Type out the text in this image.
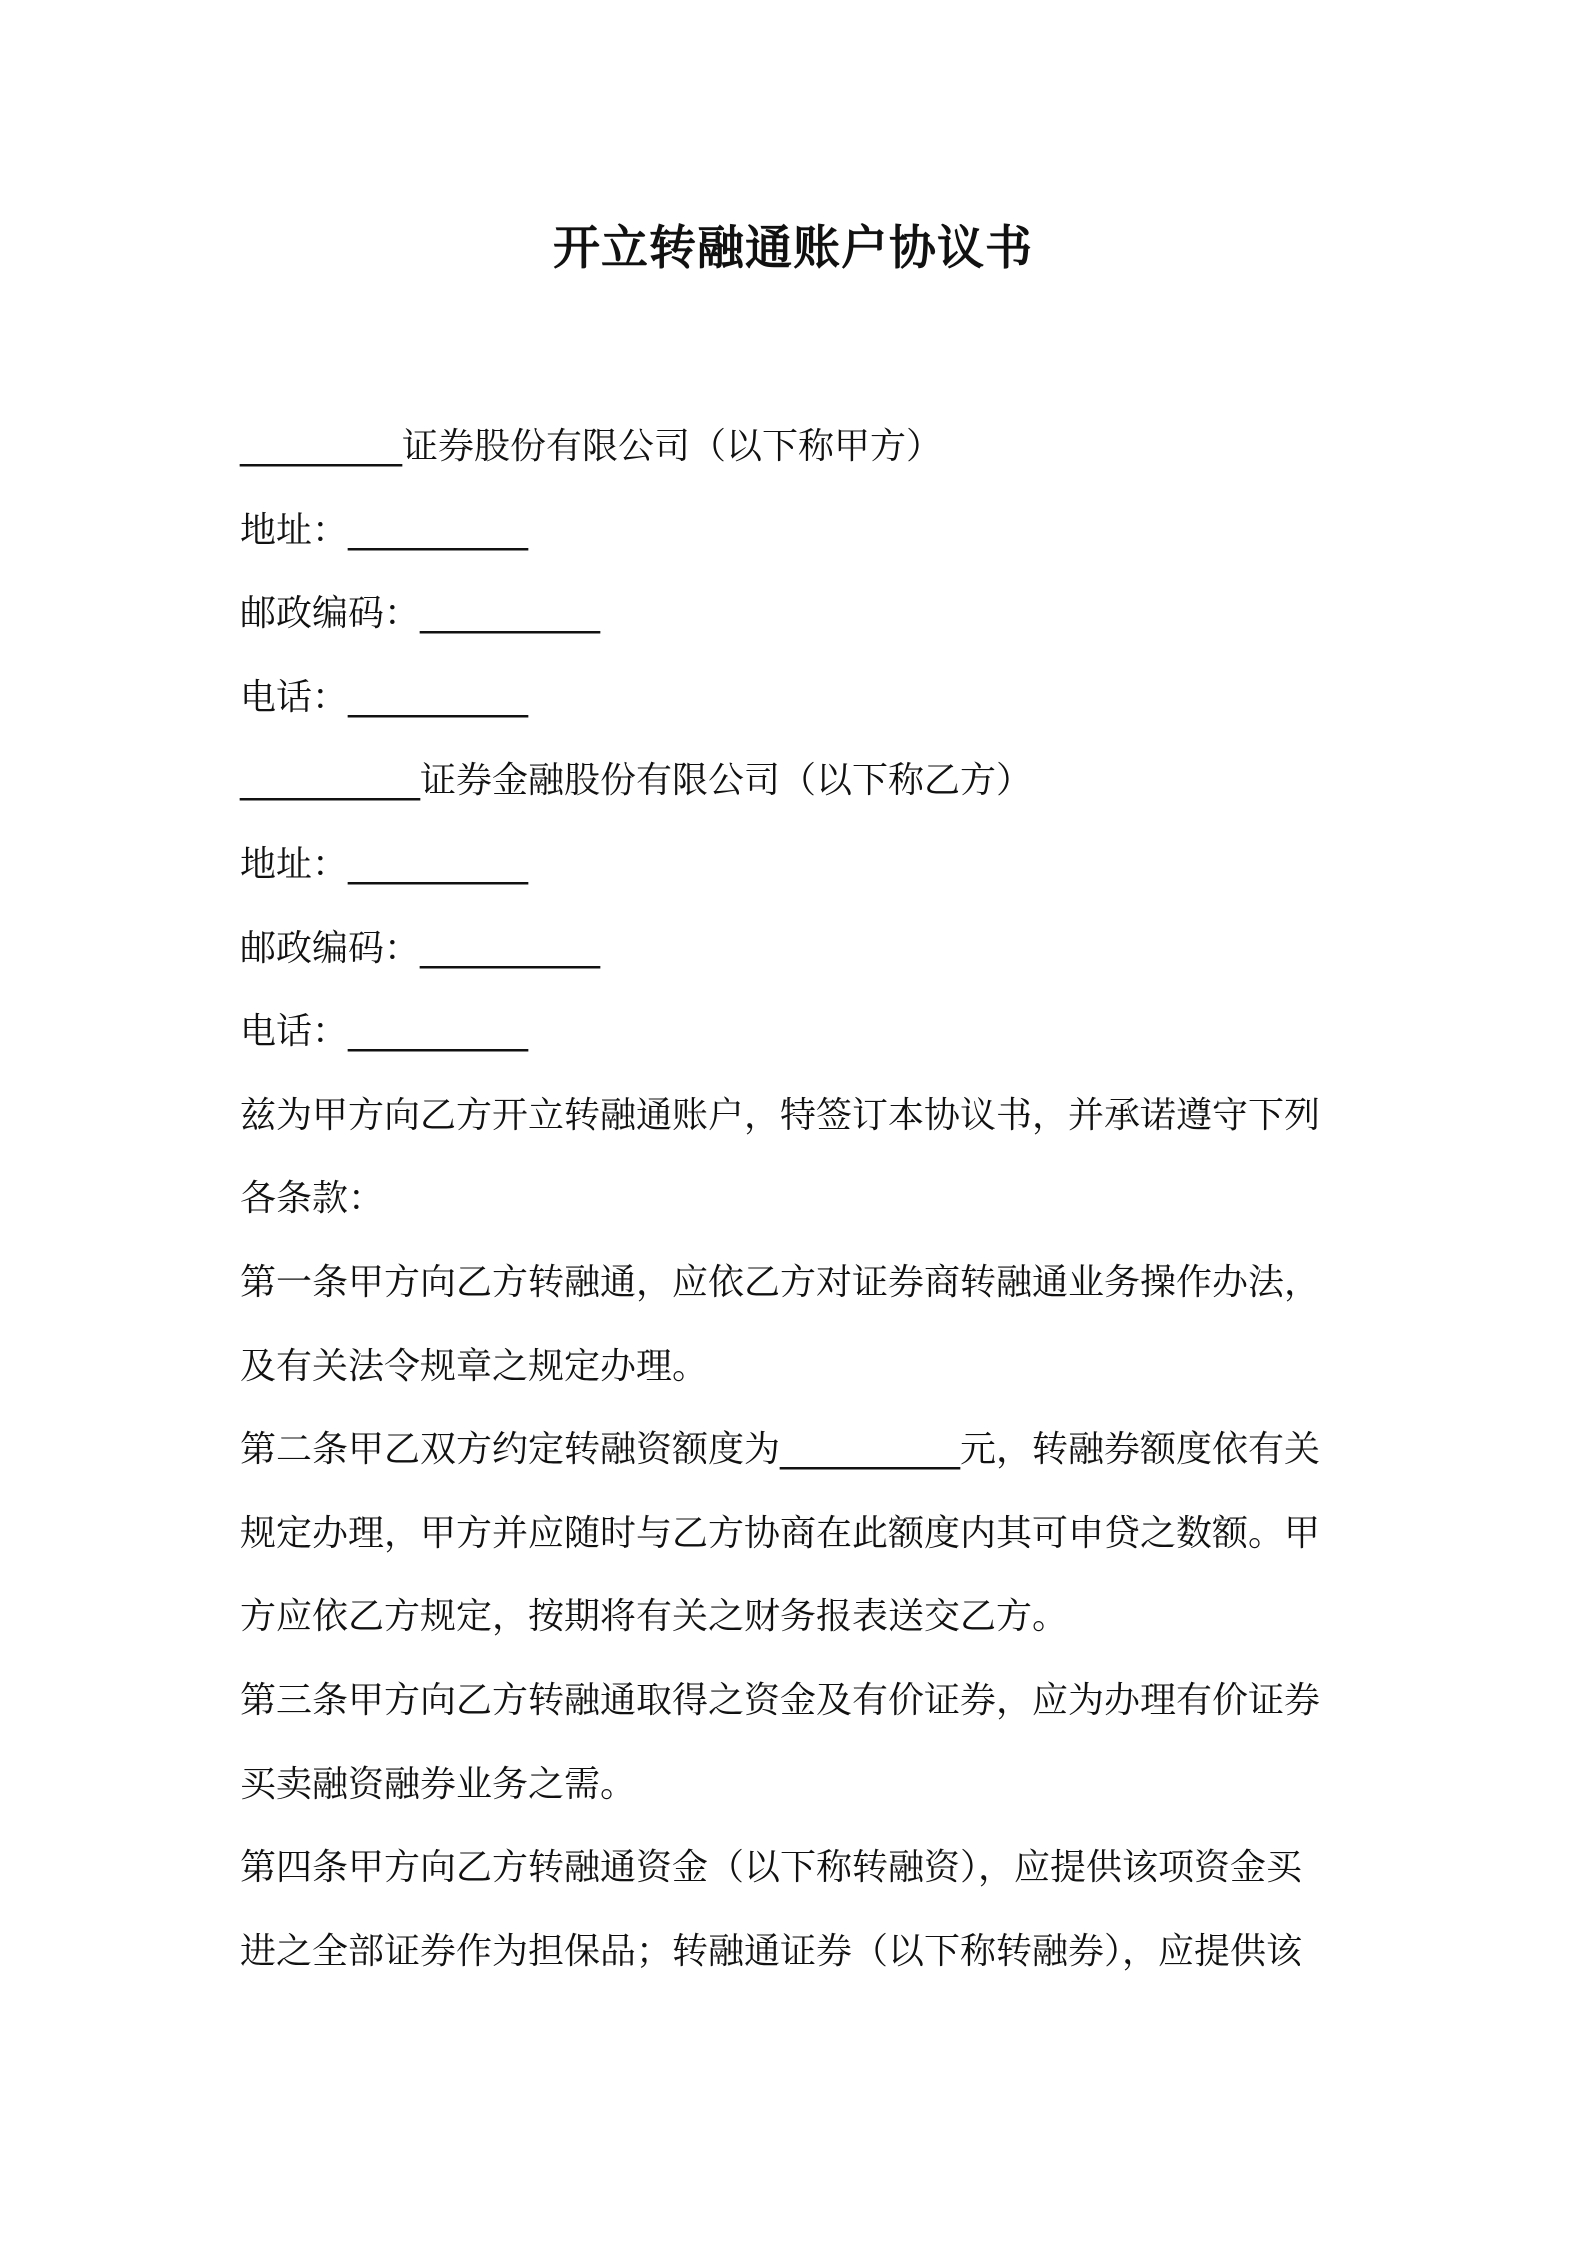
开立转融通账户协议书
_________证券股份有限公司（以下称甲方）
地址：__________
邮政编码：__________
电话：__________
__________证券金融股份有限公司（以下称乙方）
地址：__________
邮政编码：__________
电话：__________
兹为甲方向乙方开立转融通账户，特签订本协议书，并承诺遵守下列
各条款：
第一条甲方向乙方转融通，应依乙方对证券商转融通业务操作办法，
及有关法令规章之规定办理。
第二条甲乙双方约定转融资额度为__________元，转融券额度依有关
规定办理，甲方并应随时与乙方协商在此额度内其可申贷之数额。甲
方应依乙方规定，按期将有关之财务报表送交乙方。
第三条甲方向乙方转融通取得之资金及有价证券，应为办理有价证券
买卖融资融券业务之需。
第四条甲方向乙方转融通资金（以下称转融资），应提供该项资金买
进之全部证券作为担保品；转融通证券（以下称转融券），应提供该
